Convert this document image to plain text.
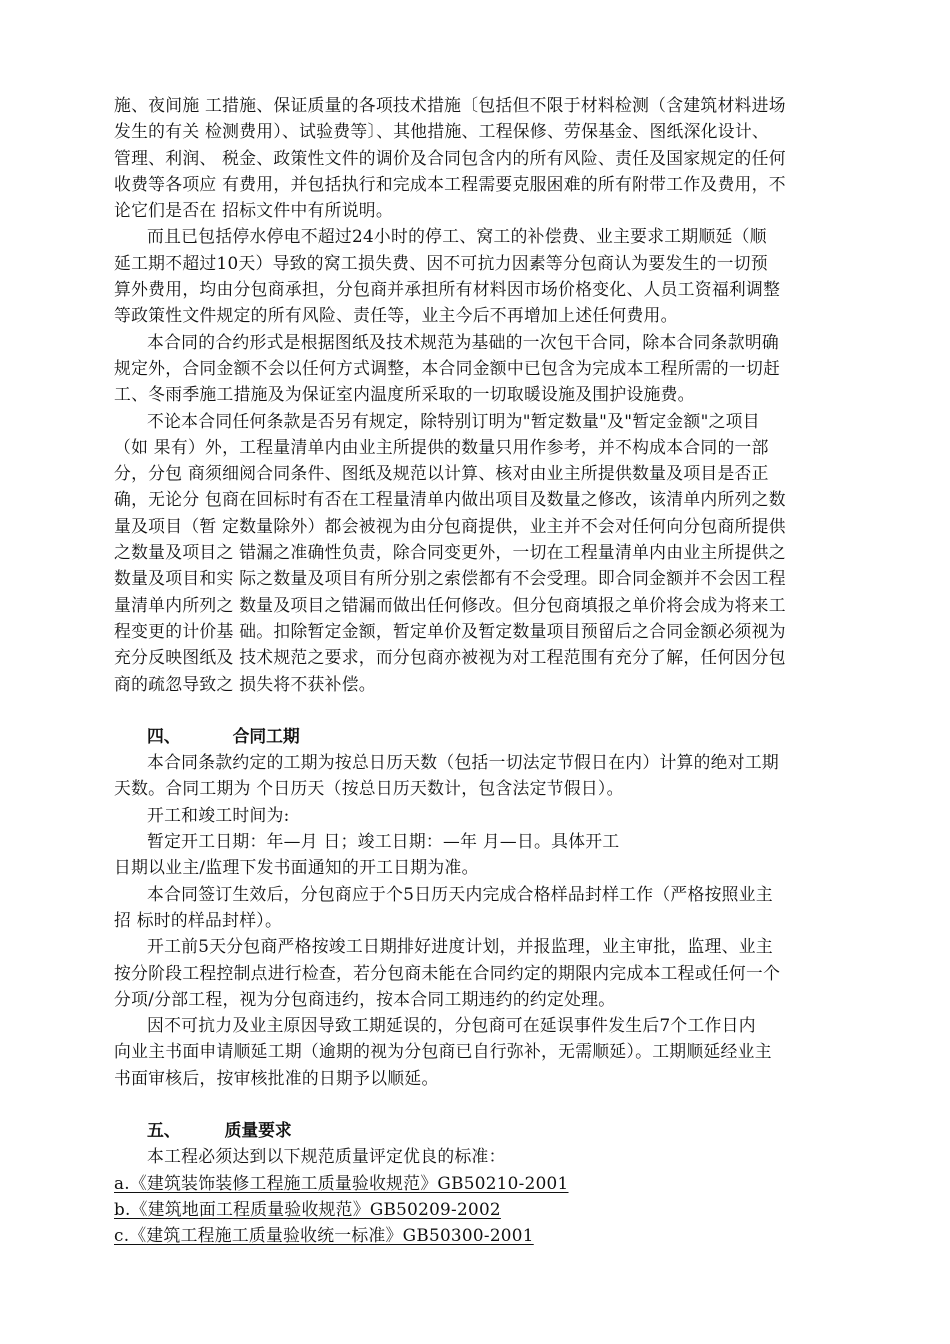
施、夜间施 工措施、保证质量的各项技术措施〔包括但不限于材料检测（含建筑材料进场
发生的有关 检测费用）、试验费等〕、其他措施、工程保修、劳保基金、图纸深化设计、
管理、利润、 税金、政策性文件的调价及合同包含内的所有风险、责任及国家规定的任何
收费等各项应 有费用，并包括执行和完成本工程需要克服困难的所有附带工作及费用，不
论它们是否在 招标文件中有所说明。
而且已包括停水停电不超过24小时的停工、窝工的补偿费、业主要求工期顺延（顺
延工期不超过10天）导致的窝工损失费、因不可抗力因素等分包商认为要发生的一切预
算外费用，均由分包商承担，分包商并承担所有材料因市场价格变化、人员工资福利调整
等政策性文件规定的所有风险、责任等，业主今后不再增加上述任何费用。
本合同的合约形式是根据图纸及技术规范为基础的一次包干合同，除本合同条款明确
规定外，合同金额不会以任何方式调整，本合同金额中已包含为完成本工程所需的一切赶
工、冬雨季施工措施及为保证室内温度所采取的一切取暖设施及围护设施费。
不论本合同任何条款是否另有规定，除特别订明为"暂定数量"及"暂定金额"之项目
（如 果有）外，工程量清单内由业主所提供的数量只用作参考，并不构成本合同的一部
分，分包 商须细阅合同条件、图纸及规范以计算、核对由业主所提供数量及项目是否正
确，无论分 包商在回标时有否在工程量清单内做出项目及数量之修改，该清单内所列之数
量及项目（暂 定数量除外）都会被视为由分包商提供，业主并不会对任何向分包商所提供
之数量及项目之 错漏之准确性负责，除合同变更外，一切在工程量清单内由业主所提供之
数量及项目和实 际之数量及项目有所分别之索偿都有不会受理。即合同金额并不会因工程
量清单内所列之 数量及项目之错漏而做出任何修改。但分包商填报之单价将会成为将来工
程变更的计价基 础。扣除暂定金额，暂定单价及暂定数量项目预留后之合同金额必须视为
充分反映图纸及 技术规范之要求，而分包商亦被视为对工程范围有充分了解，任何因分包
商的疏忽导致之 损失将不获补偿。
四、	合同工期
本合同条款约定的工期为按总日历天数（包括一切法定节假日在内）计算的绝对工期
天数。合同工期为 个日历天（按总日历天数计，包含法定节假日）。
开工和竣工时间为:
暂定开工日期：年—月 日；竣工日期：—年 月—日。具体开工
日期以业主/监理下发书面通知的开工日期为准。
本合同签订生效后，分包商应于个5日历天内完成合格样品封样工作（严格按照业主
招 标时的样品封样）。
开工前5天分包商严格按竣工日期排好进度计划，并报监理，业主审批，监理、业主
按分阶段工程控制点进行检查，若分包商未能在合同约定的期限内完成本工程或任何一个
分项/分部工程，视为分包商违约，按本合同工期违约的约定处理。
因不可抗力及业主原因导致工期延误的，分包商可在延误事件发生后7个工作日内
向业主书面申请顺延工期（逾期的视为分包商已自行弥补，无需顺延）。工期顺延经业主
书面审核后，按审核批准的日期予以顺延。
五、	质量要求
本工程必须达到以下规范质量评定优良的标准：
a.《建筑装饰装修工程施工质量验收规范》GB50210-2001
b.《建筑地面工程质量验收规范》GB50209-2002
c.《建筑工程施工质量验收统一标准》GB50300-2001
